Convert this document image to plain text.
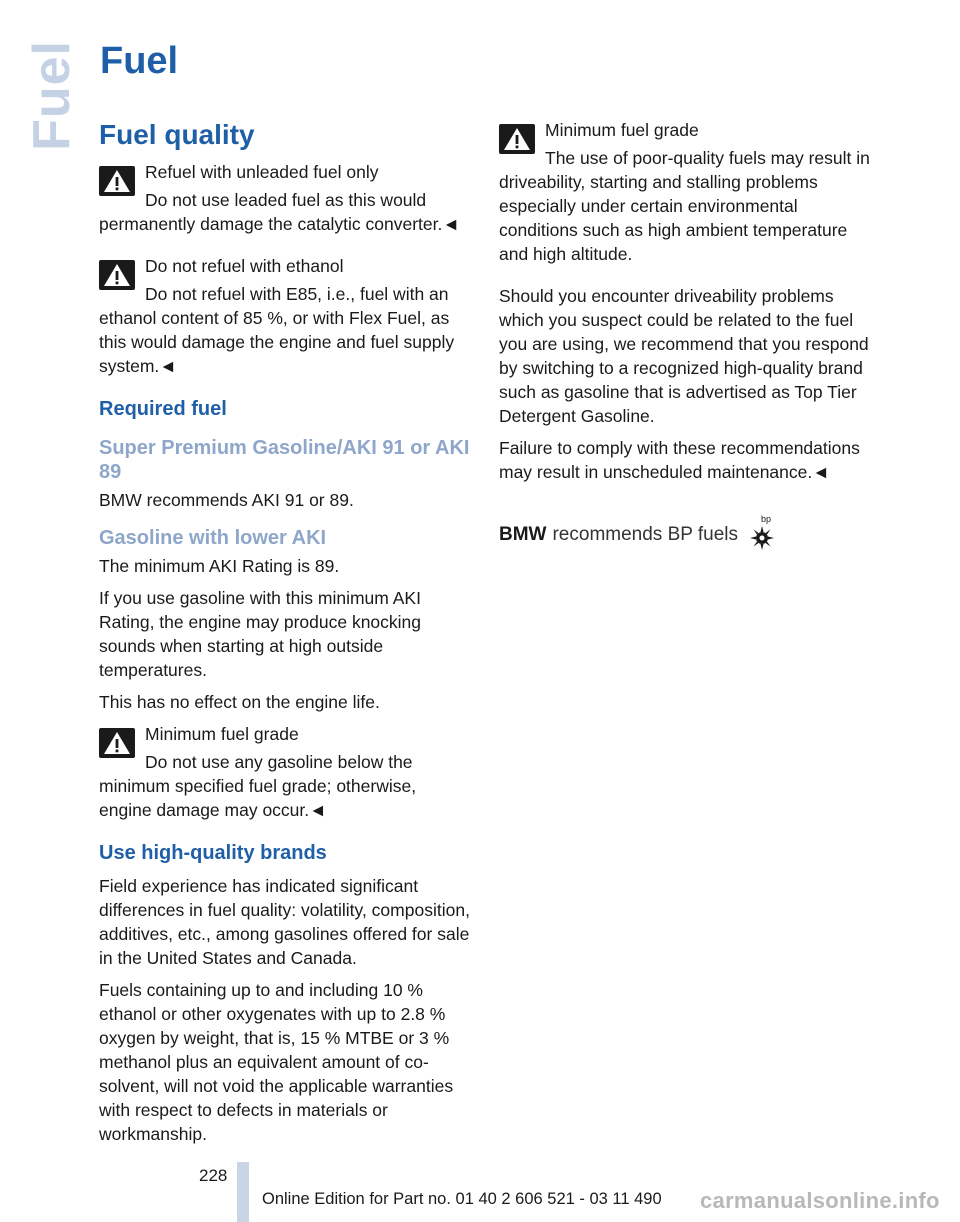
Fuel Fuel
Fuel quality
Refuel with unleaded fuel only

Do not use leaded fuel as this would permanently damage the catalytic converter.◄

Do not refuel with ethanol

Do not refuel with E85, i.e., fuel with an ethanol content of 85 %, or with Flex Fuel, as this would damage the engine and fuel supply system.◄

Required fuel
Super Premium Gasoline/AKI 91 or AKI 89

BMW recommends AKI 91 or 89.

Gasoline with lower AKI

The minimum AKI Rating is 89.

If you use gasoline with this minimum AKI Rating, the engine may produce knocking sounds when starting at high outside temperatures.

This has no effect on the engine life.

Minimum fuel grade

Do not use any gasoline below the minimum specified fuel grade; otherwise, engine damage may occur.◄

Use high-quality brands

Field experience has indicated significant differences in fuel quality: volatility, composition, additives, etc., among gasolines offered for sale in the United States and Canada.

Fuels containing up to and including 10 % ethanol or other oxygenates with up to 2.8 % oxygen by weight, that is, 15 % MTBE or 3 % methanol plus an equivalent amount of co-solvent, will not void the applicable warranties with respect to defects in materials or workmanship.

Minimum fuel grade

The use of poor-quality fuels may result in driveability, starting and stalling problems especially under certain environmental conditions such as high ambient temperature and high altitude.

Should you encounter driveability problems which you suspect could be related to the fuel you are using, we recommend that you respond by switching to a recognized high-quality brand such as gasoline that is advertised as Top Tier Detergent Gasoline.

Failure to comply with these recommendations may result in unscheduled maintenance.◄

BMW recommends BP fuels
bp
228
Online Edition for Part no. 01 40 2 606 521 - 03 11 490 carmanualsonline.info
